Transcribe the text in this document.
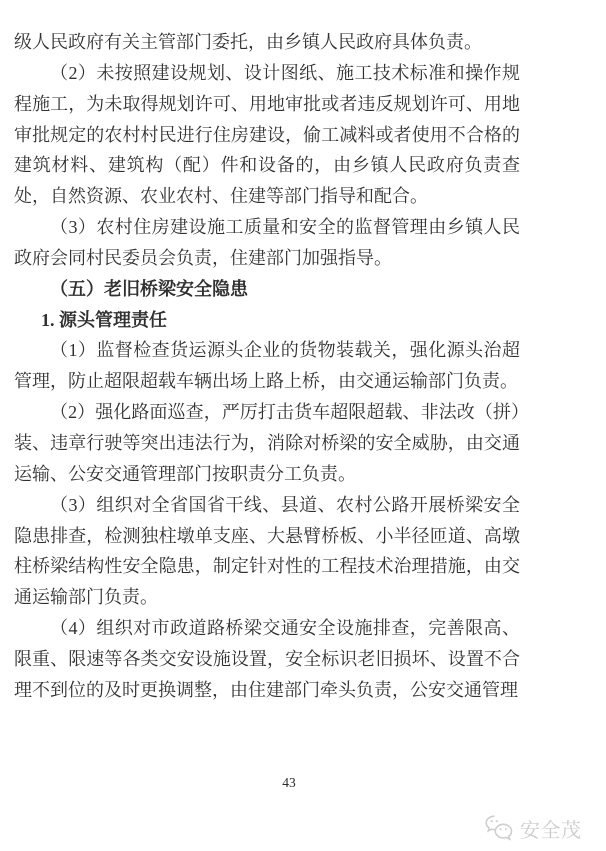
级人民政府有关主管部门委托，由乡镇人民政府具体负责。

（2）未按照建设规划、设计图纸、施工技术标准和操作规程施工，为未取得规划许可、用地审批或者违反规划许可、用地审批规定的农村村民进行住房建设，偷工减料或者使用不合格的建筑材料、建筑构（配）件和设备的，由乡镇人民政府负责查处，自然资源、农业农村、住建等部门指导和配合。

（3）农村住房建设施工质量和安全的监督管理由乡镇人民政府会同村民委员会负责，住建部门加强指导。

（五）老旧桥梁安全隐患

1. 源头管理责任

（1）监督检查货运源头企业的货物装载关，强化源头治超管理，防止超限超载车辆出场上路上桥，由交通运输部门负责。

（2）强化路面巡查，严厉打击货车超限超载、非法改（拼）装、违章行驶等突出违法行为，消除对桥梁的安全威胁，由交通运输、公安交通管理部门按职责分工负责。

（3）组织对全省国省干线、县道、农村公路开展桥梁安全隐患排查，检测独柱墩单支座、大悬臂桥板、小半径匝道、高墩柱桥梁结构性安全隐患，制定针对性的工程技术治理措施，由交通运输部门负责。

（4）组织对市政道路桥梁交通安全设施排查，完善限高、限重、限速等各类交安设施设置，安全标识老旧损坏、设置不合理不到位的及时更换调整，由住建部门牵头负责，公安交通管理

43
安全茂
